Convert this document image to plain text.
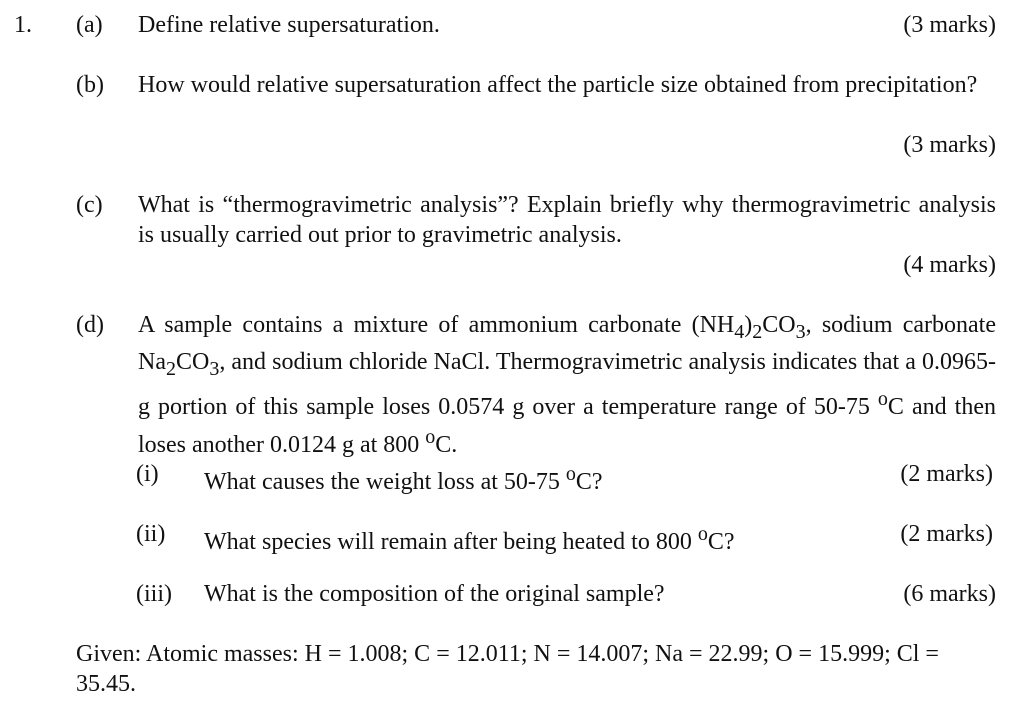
1. (a) Define relative supersaturation.	(3 marks)
(b) How would relative supersaturation affect the particle size obtained from precipitation?
(3 marks)
(c) What is “thermogravimetric analysis”? Explain briefly why thermogravimetric analysis is usually carried out prior to gravimetric analysis.
(4 marks)
(d) A sample contains a mixture of ammonium carbonate $(NH_4)_2CO_3$, sodium carbonate $Na_2CO_3$, and sodium chloride NaCl. Thermogravimetric analysis indicates that a 0.0965-g portion of this sample loses 0.0574 g over a temperature range of 50-75 $^o$C and then loses another 0.0124 g at 800 $^o$C.
(i) What causes the weight loss at 50-75 $^o$C?	(2 marks)
(ii) What species will remain after being heated to 800 $^o$C?	(2 marks)
(iii) What is the composition of the original sample?	(6 marks)
Given: Atomic masses: H = 1.008; C = 12.011; N = 14.007; Na = 22.99; O = 15.999; Cl = 35.45.
